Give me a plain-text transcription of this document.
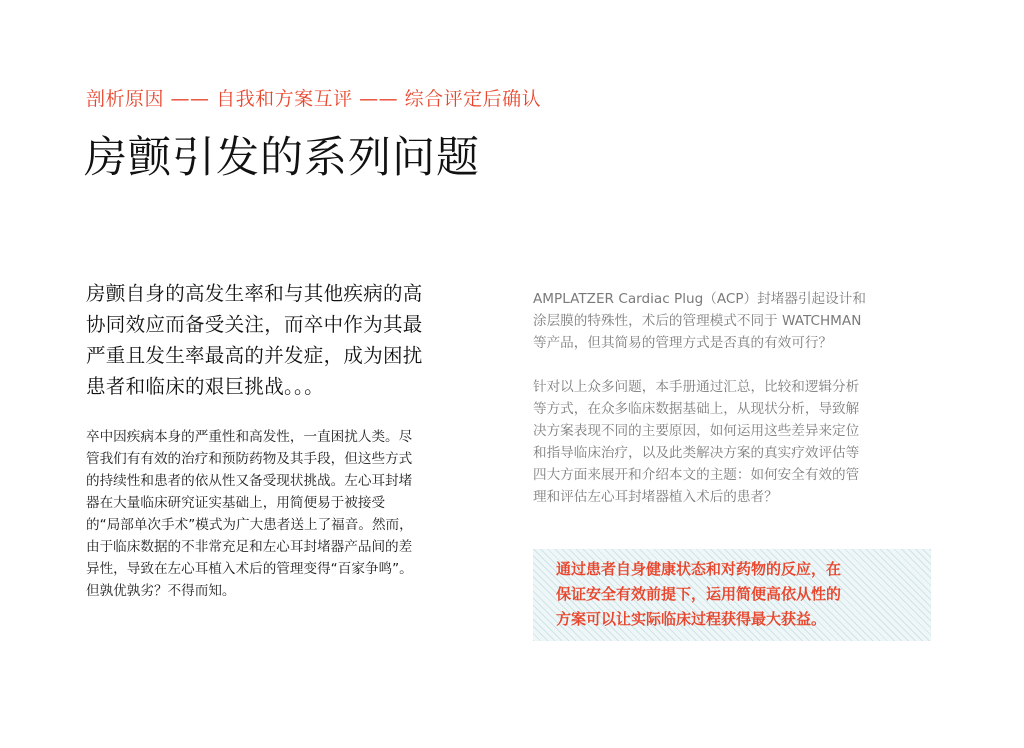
剖析原因 —— 自我和方案互评 —— 综合评定后确认
房颤引发的系列问题

房颤自身的高发生率和与其他疾病的高
协同效应而备受关注，而卒中作为其最
严重且发生率最高的并发症，成为困扰
患者和临床的艰巨挑战。。。

卒中因疾病本身的严重性和高发性，一直困扰人类。尽
管我们有有效的治疗和预防药物及其手段，但这些方式
的持续性和患者的依从性又备受现状挑战。左心耳封堵
器在大量临床研究证实基础上，用简便易于被接受
的“局部单次手术”模式为广大患者送上了福音。然而，
由于临床数据的不非常充足和左心耳封堵器产品间的差
异性，导致在左心耳植入术后的管理变得“百家争鸣”。
但孰优孰劣？不得而知。

AMPLATZER Cardiac Plug（ACP）封堵器引起设计和
涂层膜的特殊性，术后的管理模式不同于 WATCHMAN
等产品，但其简易的管理方式是否真的有效可行？

针对以上众多问题，本手册通过汇总，比较和逻辑分析
等方式，在众多临床数据基础上，从现状分析，导致解
决方案表现不同的主要原因，如何运用这些差异来定位
和指导临床治疗，以及此类解决方案的真实疗效评估等
四大方面来展开和介绍本文的主题：如何安全有效的管
理和评估左心耳封堵器植入术后的患者？

通过患者自身健康状态和对药物的反应，在
保证安全有效前提下，运用简便高依从性的
方案可以让实际临床过程获得最大获益。
